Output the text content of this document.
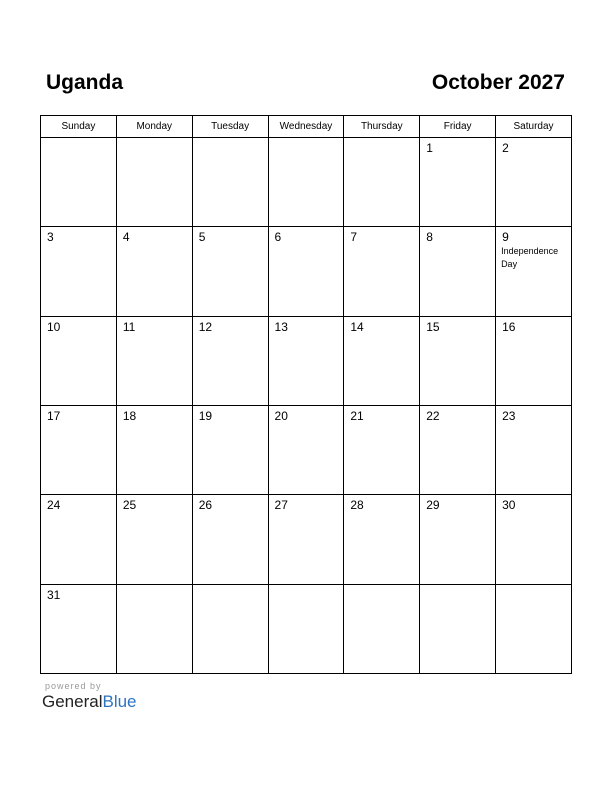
Uganda	October 2027
Sunday	Monday	Tuesday	Wednesday	Thursday	Friday	Saturday

					1	2

3	4	5	6	7	8	9
Independence Day

10	11	12	13	14	15	16

17	18	19	20	21	22	23

24	25	26	27	28	29	30

31						

powered by
GeneralBlue
